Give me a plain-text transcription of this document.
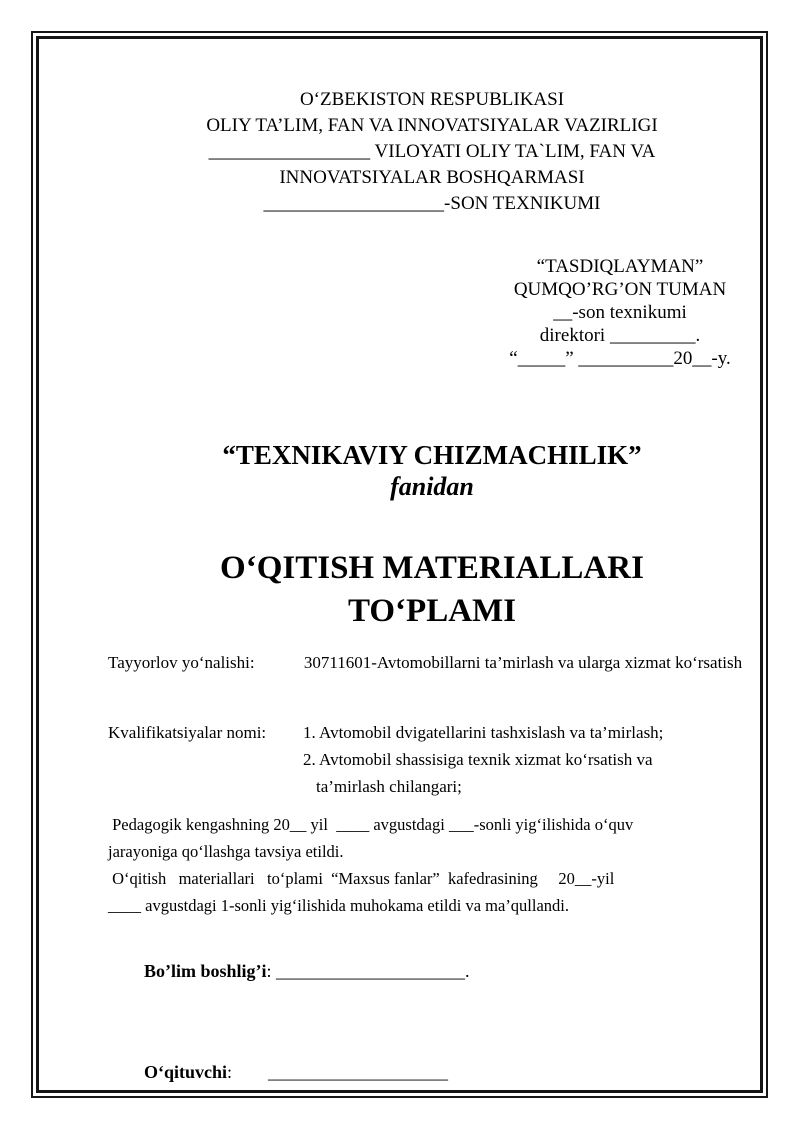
O‘ZBEKISTON RESPUBLIKASI
OLIY TA’LIM, FAN VA INNOVATSIYALAR VAZIRLIGI
_________________ VILOYATI OLIY TA`LIM, FAN VA
INNOVATSIYALAR BOSHQARMASI
___________________-SON TEXNIKUMI
“TASDIQLAYMAN”
QUMQO’RG’ON TUMAN
__-son texnikumi
direktori _________.
“_____” __________20__-y.
“TEXNIKAVIY CHIZMACHILIK”
fanidan
O‘QITISH MATERIALLARI
TO‘PLAMI
Tayyorlov yo‘nalishi:	30711601-Avtomobillarni ta’mirlash va ularga xizmat ko‘rsatish
Kvalifikatsiyalar nomi:	1. Avtomobil dvigatellarini tashxislash va ta’mirlash;
2. Avtomobil shassisiga texnik xizmat ko‘rsatish va
ta’mirlash chilangari;
Pedagogik kengashning 20__ yil  ____ avgustdagi ___-sonli yig‘ilishida o‘quv
jarayoniga qo‘llashga tavsiya etildi.
O‘qitish   materiallari   to‘plami  “Maxsus fanlar”  kafedrasining     20__-yil
____ avgustdagi 1-sonli yig‘ilishida muhokama etildi va ma’qullandi.

Bo’lim boshlig’i: _____________________.

O‘qituvchi:        ____________________
